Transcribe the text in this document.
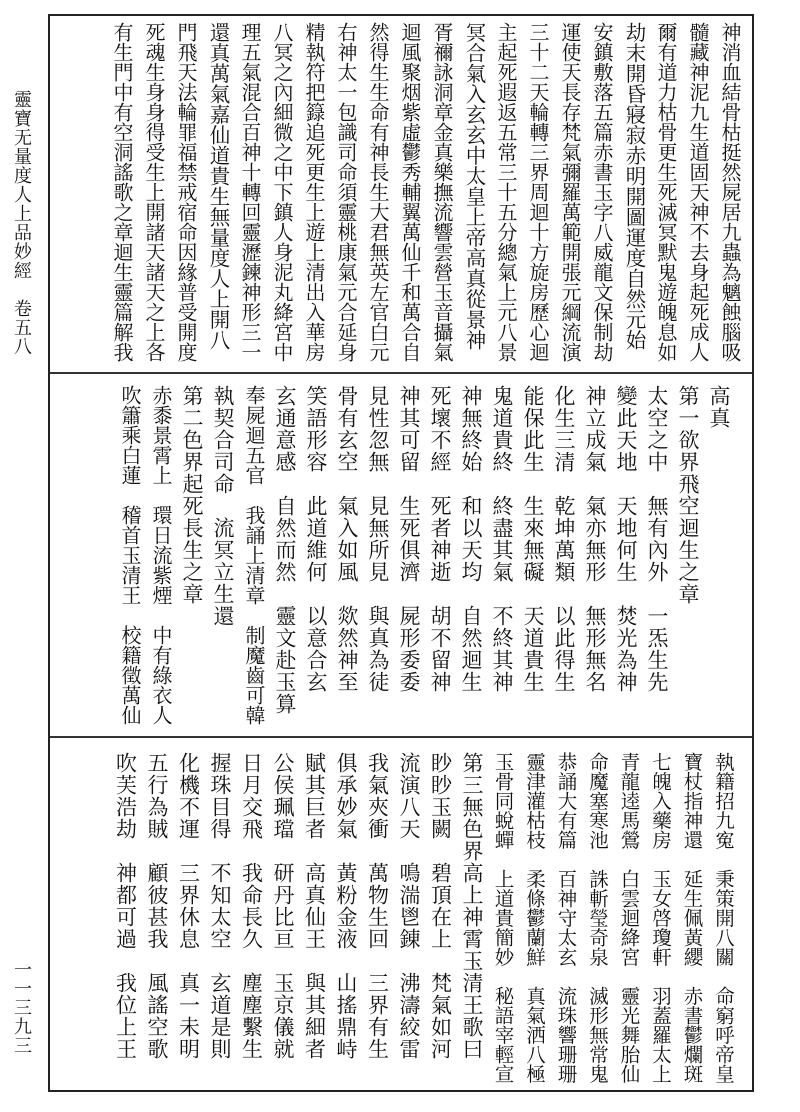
靈寶无量度人上品妙經　卷五八
一一三九三
神消血結骨枯挺然屍居九蟲為魑蝕腦吸
髓藏神泥九生道固天神不去身起死成人
爾有道力枯骨更生死滅冥默鬼遊魄息如
劫末開昏寢寂赤明開圖運度自然元始
安鎮敷落五篇赤書玉字八威龍文保制劫
運使天長存梵氣彌羅萬範開張元綱流演
三十二天輪轉三界周迴十方旋房歷心迴
主起死遐返五常三十五分總氣上元八景
冥合氣入玄玄中太皇上帝高真從景神
胥禰詠洞章金真樂撫流響雲營玉音攝氣
迴風聚烟紫虛鬱秀輔翼萬仙千和萬合自
然得生生命有神長生大君無英左官白元
右神太一包識司命須靈桃康氣元合延身
精執符把籙追死更生上遊上清出入華房
八冥之內細微之中下鎮人身泥丸絳宮中
理五氣混合百神十轉回靈瀝鍊神形三一
還真萬氣嘉仙道貴生無量度人上開八
門飛天法輪罪福禁戒宿命因緣普受開度
死魂生身身得受生上開諸天諸天之上各
有生門中有空洞謠歌之章迴生靈篇解我
高真
第一欲界飛空迴生之章
太空之中　無有內外　一炁生先
變此天地　天地何生　焚光為神
神立成氣　氣亦無形　無形無名
化生三清　乾坤萬類　以此得生
能保此生　生來無礙　天道貴生
鬼道貴終　終盡其氣　不終其神
神無終始　和以天均　自然迴生
死壞不經　死者神逝　胡不留神
神其可留　生死俱濟　屍形委委
見性忽無　見無所見　與真為徒
骨有玄空　氣入如風　欻然神至
笑語形容　此道維何　以意合玄
玄通意感　自然而然　靈文赴玉算
奉屍迴五官　我誦上清章　制魔齒可韓
執契合司命　流冥立生還
第二色界起死長生之章
赤黍景霄上　環日流紫煙　中有綠衣人
吹簫乘白蓮　稽首玉清王　校籍徵萬仙
執籍招九寃　秉策開八關　命窮呼帝皇
寶杖指神還　延生佩黃纓　赤書鬱爛斑
七魄入藥房　玉女啓瓊軒　羽蓋羅太上
青龍逵馬鶯　白雲迴絳宮　靈光舞胎仙
命魔塞寒池　誅斬瑩奇泉　滅形無常鬼
恭誦大有篇　百神守太玄　流珠響珊珊
靈津灌枯枝　柔條鬱蘭鮮　真氣洒八極
玉骨同蛻蟬　上道貴簡妙　秘語宰輕宣
第三無色界高上神霄玉清王歌曰
眇眇玉闕　碧頂在上　梵氣如河
流演八天　鳴湍鬯錬　沸濤絞雷
我氣夾衝　萬物生回　三界有生
俱承妙氣　黃粉金液　山搖鼎峙
賦其巨者　高真仙王　與其細者
公侯珮璫　研丹比亘　玉京儀就
日月交飛　我命長久　塵塵繫生
握珠目得　不知太空　玄道是則
化機不運　三界休息　真一未明
五行為賊　顧彼甚我　風謠空歌
吹芙浩劫　神都可過　我位上王
